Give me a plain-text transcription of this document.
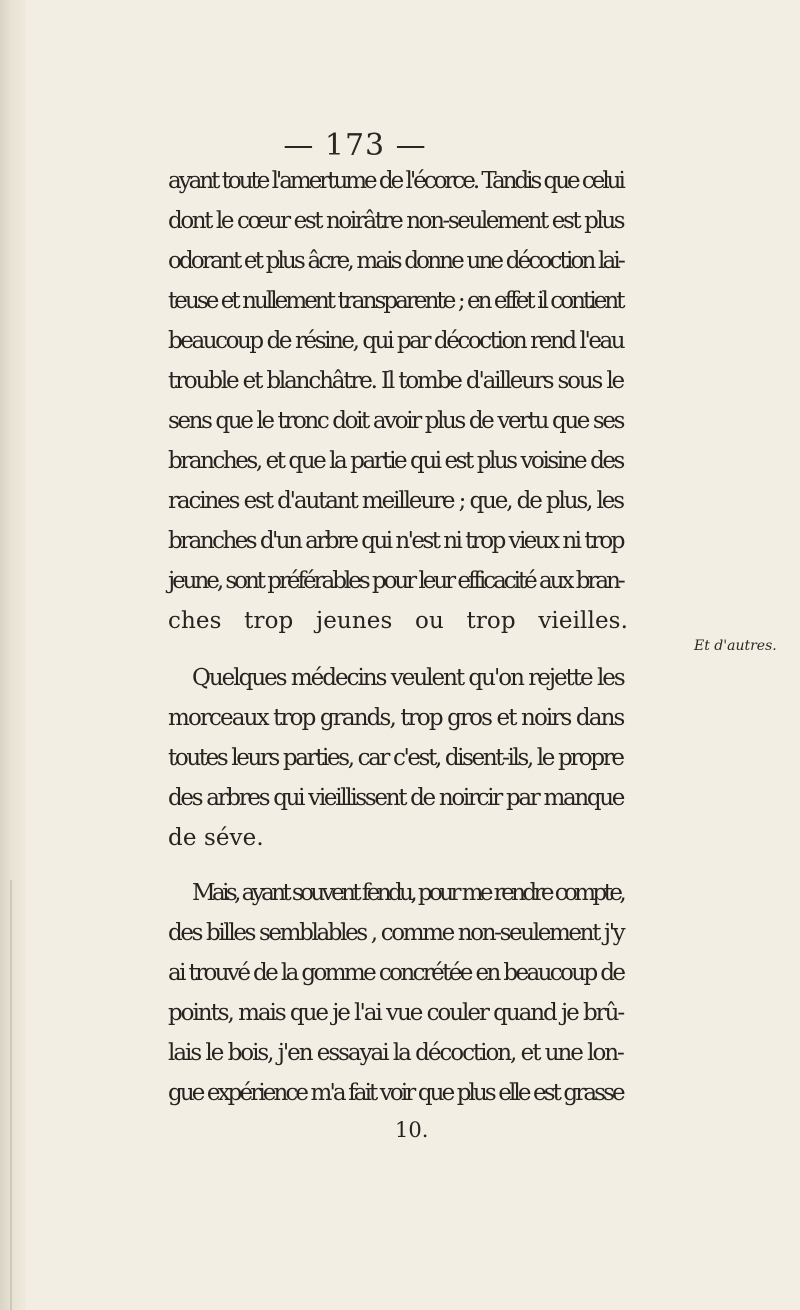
— 173 —
ayant toute l'amertume de l'écorce. Tandis que celui
dont le cœur est noirâtre non-seulement est plus
odorant et plus âcre, mais donne une décoction lai-
teuse et nullement transparente ; en effet il contient
beaucoup de résine, qui par décoction rend l'eau
trouble et blanchâtre. Il tombe d'ailleurs sous le
sens que le tronc doit avoir plus de vertu que ses
branches, et que la partie qui est plus voisine des
racines est d'autant meilleure ; que, de plus, les
branches d'un arbre qui n'est ni trop vieux ni trop
jeune, sont préférables pour leur efficacité aux bran-
ches trop jeunes ou trop vieilles.
Quelques médecins veulent qu'on rejette les
Et d'autres.
morceaux trop grands, trop gros et noirs dans
toutes leurs parties, car c'est, disent-ils, le propre
des arbres qui vieillissent de noircir par manque
de séve.
Mais, ayant souvent fendu, pour me rendre compte,
des billes semblables , comme non-seulement j'y
ai trouvé de la gomme concrétée en beaucoup de
points, mais que je l'ai vue couler quand je brû-
lais le bois, j'en essayai la décoction, et une lon-
gue expérience m'a fait voir que plus elle est grasse
10.
